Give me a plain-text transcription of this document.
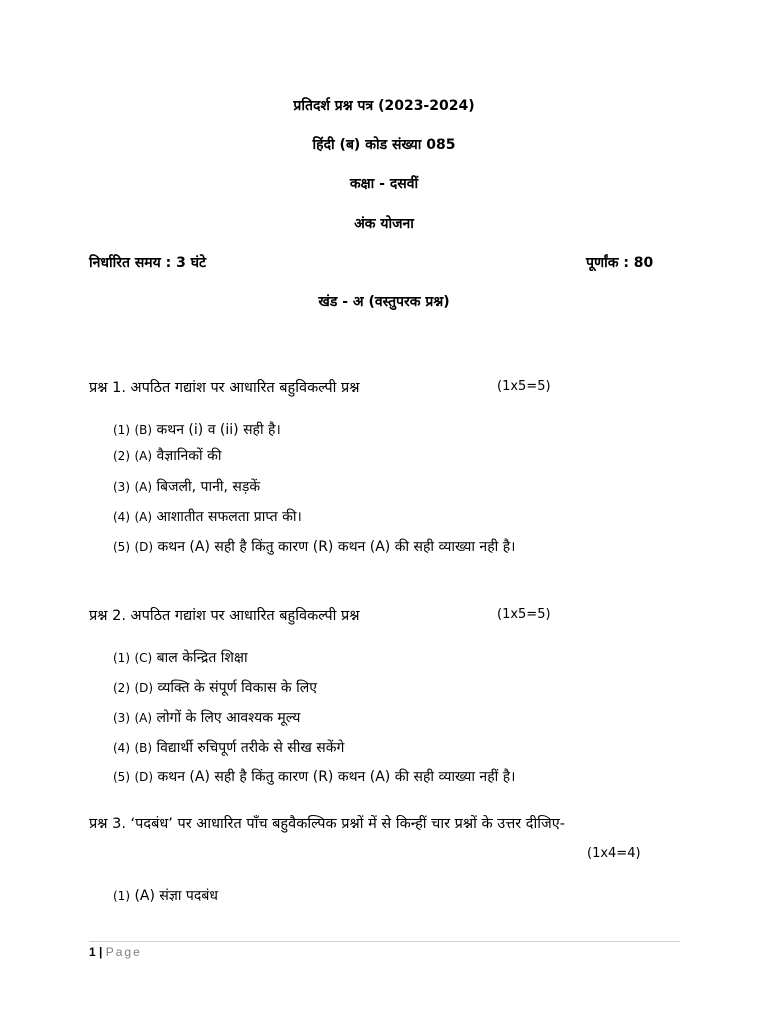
प्रतिदर्श प्रश्न पत्र (2023-2024)
हिंदी (ब) कोड संख्या 085
कक्षा - दसवीं
अंक योजना
निर्धारित समय : 3 घंटे	पूर्णांक : 80
खंड - अ (वस्तुपरक प्रश्न)
प्रश्न 1. अपठित गद्यांश पर आधारित बहुविकल्पी प्रश्न	(1x5=5)
(1) (B) कथन (i) व (ii) सही है।
(2) (A) वैज्ञानिकों की
(3) (A) बिजली, पानी, सड़कें
(4) (A) आशातीत सफलता प्राप्त की।
(5) (D) कथन (A) सही है किंतु कारण (R) कथन (A) की सही व्याख्या नही है।
प्रश्न 2. अपठित गद्यांश पर आधारित बहुविकल्पी प्रश्न	(1x5=5)
(1) (C) बाल केन्द्रित शिक्षा
(2) (D) व्यक्ति के संपूर्ण विकास के लिए
(3) (A) लोगों के लिए आवश्यक मूल्य
(4) (B) विद्यार्थी रुचिपूर्ण तरीके से सीख सकेंगे
(5) (D) कथन (A) सही है किंतु कारण (R) कथन (A) की सही व्याख्या नहीं है।
प्रश्न 3. ‘पदबंध’ पर आधारित पाँच बहुवैकल्पिक प्रश्नों में से किन्हीं चार प्रश्नों के उत्तर दीजिए-
(1x4=4)
(1) (A) संज्ञा पदबंध
1 | Page
